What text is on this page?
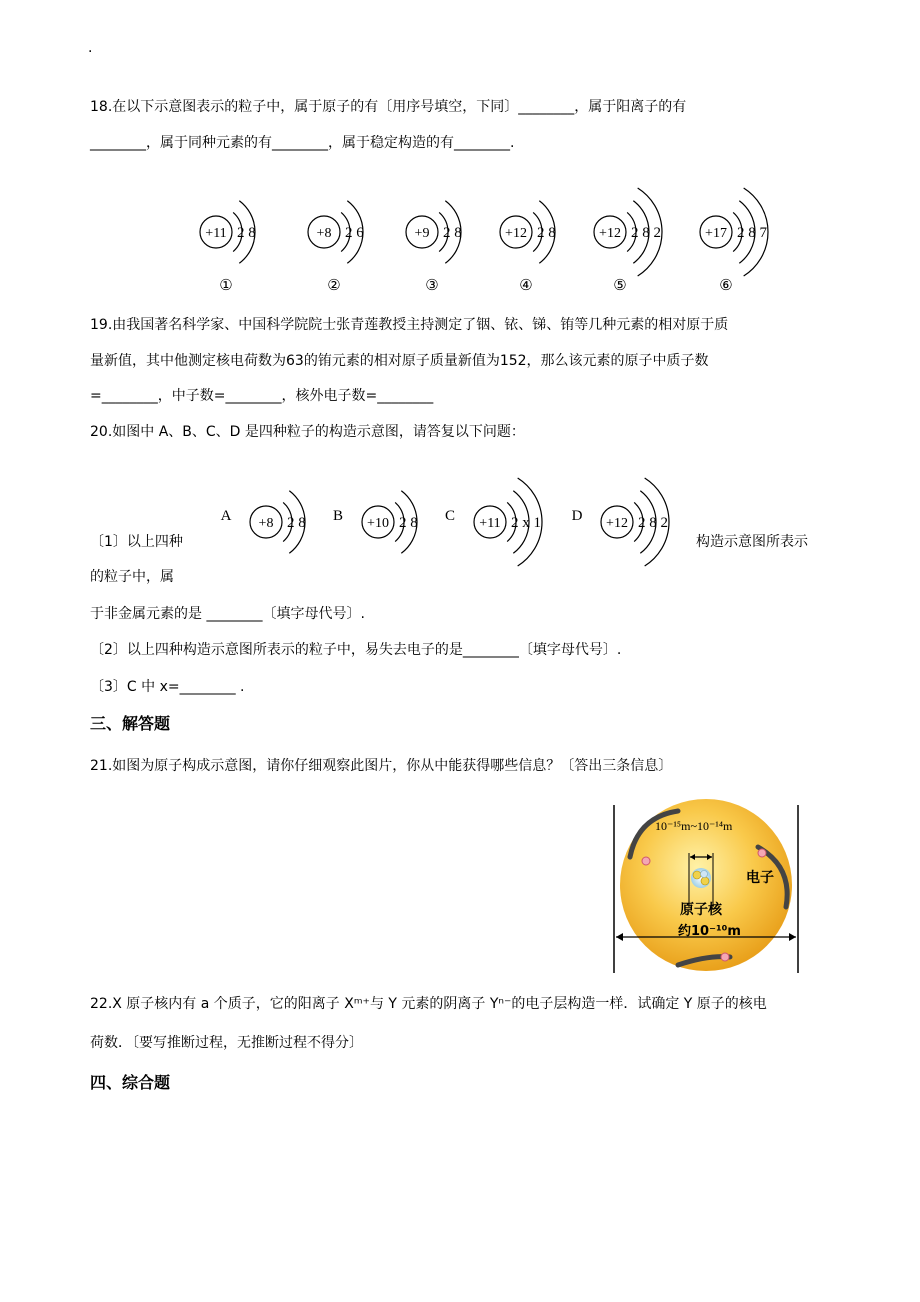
.
18.在以下示意图表示的粒子中，属于原子的有〔用序号填空，下同〕________，属于阳离子的有
________，属于同种元素的有________，属于稳定构造的有________.
+11 2 8
①
+8 2 6
②
+9 2 8
③
+12 2 8
④
+12 2 8 2
⑤
+17 2 8 7
⑥
19.由我国著名科学家、中国科学院院士张青莲教授主持测定了铟、铱、锑、铕等几种元素的相对原于质
量新值，其中他测定核电荷数为63的铕元素的相对原子质量新值为152，那么该元素的原子中质子数
=________，中子数=________，核外电子数=________
20.如图中 A、B、C、D 是四种粒子的构造示意图，请答复以下问题：
+8 2 8
A	+10 2 8
B	+11 2 x 1
C	+12 2 8 2
D
〔1〕以上四种	构造示意图所表示
的粒子中，属
于非金属元素的是 ________〔填字母代号〕.
〔2〕以上四种构造示意图所表示的粒子中，易失去电子的是________〔填字母代号〕.
〔3〕C 中 x=________ .
三、解答题
21.如图为原子构成示意图，请你仔细观察此图片，你从中能获得哪些信息？〔答出三条信息〕
10⁻¹⁵m~10⁻¹⁴m
电子
原子核
约10⁻¹⁰m
22.X 原子核内有 a 个质子，它的阳离子 Xᵐ⁺与 Y 元素的阴离子 Yⁿ⁻的电子层构造一样．试确定 Y 原子的核电
荷数．〔要写推断过程，无推断过程不得分〕
四、综合题
